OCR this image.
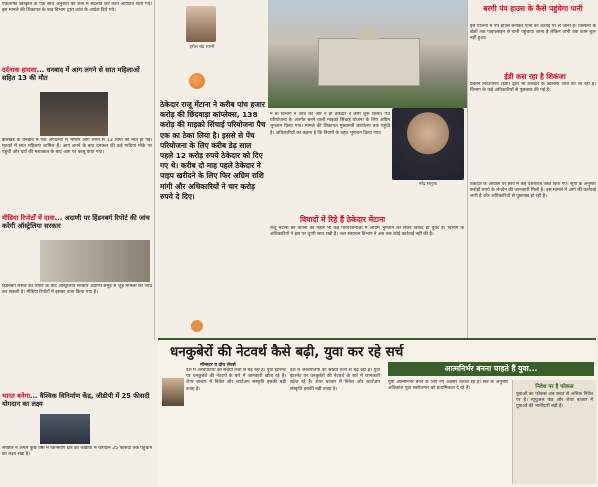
एकतरफा स्वीकृति के एक साथ अनुबंधों की शर्तों में बदलाव कर कार्य आवंटित किये गये। इस मामले की शिकायत के बाद विभाग द्वारा जांच के आदेश दिये गये।
दर्दनाक हादसा... धनबाद में आग लगने से सात महिलाओं सहित 13 की मौत
झारखंड के धनबाद में एक अपार्टमेंट में भीषण आग लगने से 13 लोगों की मौत हो गई। मृतकों में सात महिलाएं शामिल हैं। आग लगने के बाद दमकल की कई गाड़ियां मौके पर पहुंचीं और घंटों की मशक्कत के बाद आग पर काबू पाया गया।
मीडिया रिपोर्टों में दावा... अदाणी पर हिंडनबर्ग रिपोर्ट की जांच करेगी ऑस्ट्रेलिया सरकार
हिंडनबर्ग रिसर्च की रिपोर्ट के बाद ऑस्ट्रेलिया सरकार अदाणी समूह से जुड़े मामलों की जांच कर सकती है। मीडिया रिपोर्टों में इसका दावा किया गया है।
भारत बनेगा... वैश्विक विनिर्माण केंद्र, जीडीपी में 25 फीसदी योगदान का लक्ष्य
सरकार ने अगले कुछ वर्षों में विनिर्माण क्षेत्र का जीडीपी में योगदान 25 फीसदी तक पहुंचाने का लक्ष्य रखा है।
हरीश चंद्र ध्यानी
ठेकेदार राजू मेंटाना ने करीब पांच हजार करोड़ की छिंदवाड़ा कांप्लेक्स, 138 करोड़ की माइक्रो सिंचाई परियोजना पैच एक का ठेका लिया है। इससे से पेंच परियोजना के लिए करीब डेढ़ साल पहले 12 करोड़ रुपये ठेकेदार को दिए गए थे। करीब दो माह पहले ठेकेदार ने पाइप खरीदने के लिए फिर अग्रिम राशि मांगी और अधिकारियों ने चार करोड़ रुपये दे दिए।
न तो विभाग ने जांच की और न ही ठेकेदार ने काम शुरू किया। पेंच परियोजना के अंतर्गत बनने वाली माइक्रो सिंचाई योजना के लिए अग्रिम भुगतान किया गया। मामले की शिकायत मुख्यमंत्री कार्यालय तक पहुंची है। अधिकारियों का कहना है कि नियमों के तहत भुगतान किया गया।
विवादों में रिहे हैं ठेकेदार मेंटाना
राजू मेंटाना की कंपनी को पहले भी कई परियोजनाओं में अग्रिम भुगतान को लेकर विवाद हो चुका है। विभाग के अधिकारियों ने इस पर चुप्पी साध रखी है। जल संसाधन विभाग ने अब तक कोई कार्रवाई नहीं की है।
बरगी पंप हाउस के कैसे पहुंचेगा पानी
इस योजना में पंप हाउस बनाकर पानी को ऊंचाई पर ले जाना है। किसानों के खेतों तक पाइपलाइन से पानी पहुंचाया जाना है लेकिन अभी तक काम शुरू नहीं हुआ।
ईडी कस रहा है शिकंजा
प्रवर्तन निदेशालय (ईडी) द्वारा भी ठेकेदार के खिलाफ जांच की जा रही है। विभाग के कई अधिकारियों से पूछताछ की गई है।
नरेंद्र सलूजा	ठेकेदार के आवास पर छापे में कई दस्तावेज जब्त किए गए। सूत्रों के अनुसार करोड़ों रुपये के लेनदेन की जानकारी मिली है। इस मामले में आगे की कार्रवाई जारी है और अधिकारियों से पूछताछ हो रही है।
धनकुबेरों की नेटवर्थ कैसे बढ़ी, युवा कर रहे सर्च
मॉन्सटर व ग्रोथ शेयर्स
देश में अरबपतियों की संख्या तेजी से बढ़ रही है। युवा इंटरनेट पर धनकुबेरों की नेटवर्थ के बारे में जानकारी खोज रहे हैं। शेयर बाजार में निवेश और स्टार्टअप संस्कृति इसकी बड़ी वजह है।
देश में अरबपतियों की संख्या तेजी से बढ़ रही है। युवा इंटरनेट पर धनकुबेरों की नेटवर्थ के बारे में जानकारी खोज रहे हैं। शेयर बाजार में निवेश और स्टार्टअप संस्कृति इसकी बड़ी वजह है।
आत्मनिर्भर बनना चाहते हैं युवा...
युवा आत्मनिर्भर बनने के लिए नए अवसर तलाश रहे हैं। सर्वे के अनुसार अधिकांश युवा स्वरोजगार को प्राथमिकता दे रहे हैं।	निवेश पर है फोकस
युवाओं का फोकस अब बचत से अधिक निवेश पर है। म्यूचुअल फंड और शेयर बाजार में युवाओं की भागीदारी बढ़ी है।
